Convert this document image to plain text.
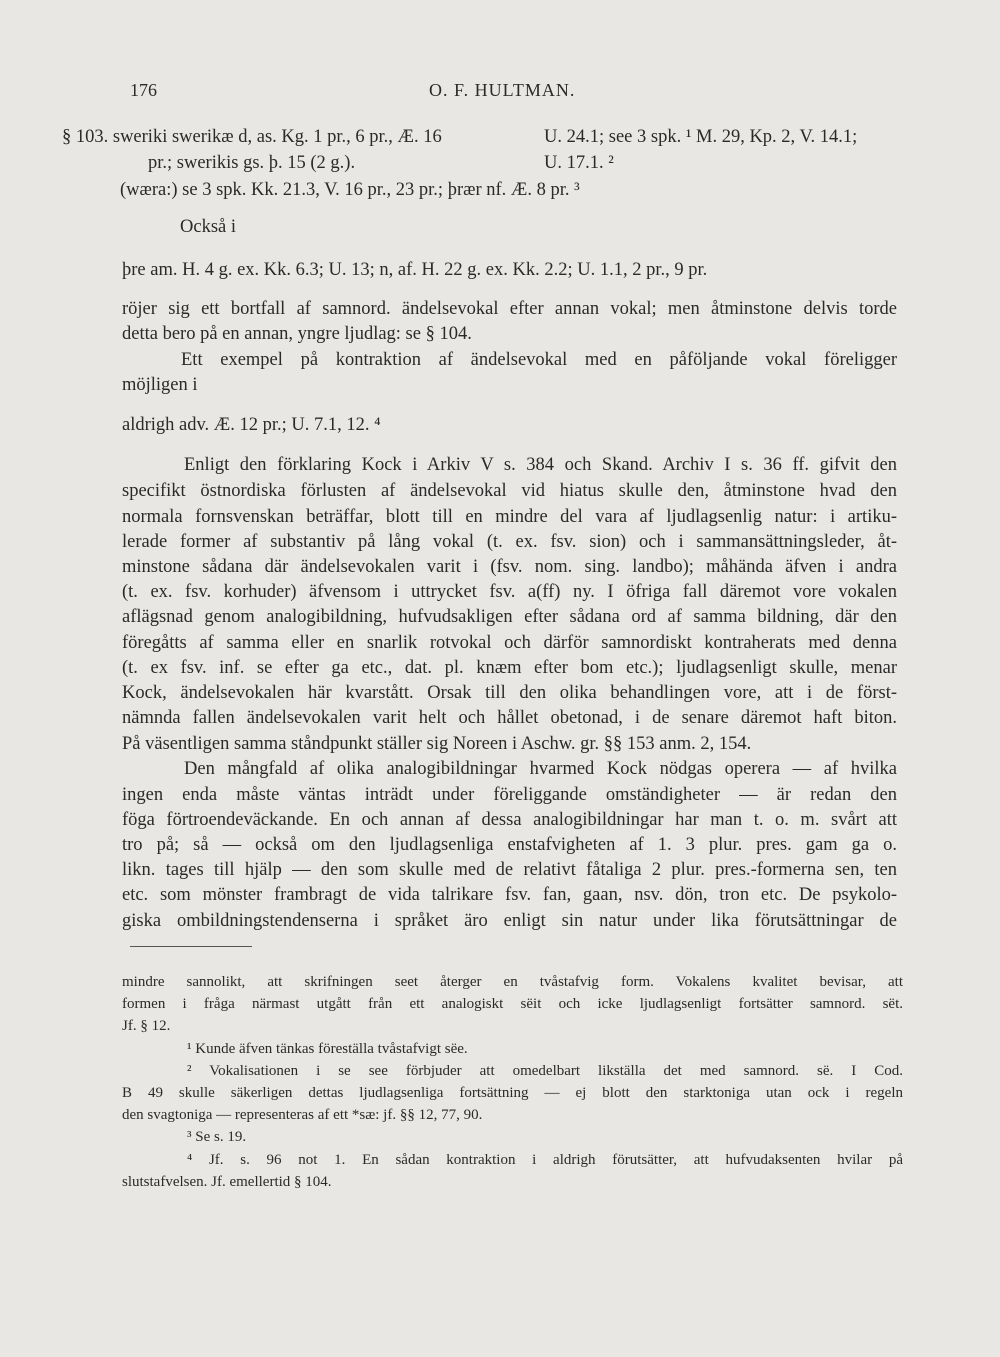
176	O. F. HULTMAN.
§ 103. sweriki swerikæ d, as. Kg. 1 pr., 6 pr., Æ. 16	U. 24.1; see 3 spk. ¹ M. 29, Kp. 2, V. 14.1;
pr.; swerikis gs. þ. 15 (2 g.).	U. 17.1. ²
(wæra:) se 3 spk. Kk. 21.3, V. 16 pr., 23 pr.; þrær nf. Æ. 8 pr. ³
Också i
þre am. H. 4 g. ex. Kk. 6.3; U. 13; n, af. H. 22 g. ex. Kk. 2.2; U. 1.1, 2 pr., 9 pr.
röjer sig ett bortfall af samnord. ändelsevokal efter annan vokal; men åtminstone delvis torde
detta bero på en annan, yngre ljudlag: se § 104.
Ett exempel på kontraktion af ändelsevokal med en påföljande vokal föreligger
möjligen i
aldrigh adv. Æ. 12 pr.; U. 7.1, 12. ⁴
Enligt den förklaring Kock i Arkiv V s. 384 och Skand. Archiv I s. 36 ff. gifvit den
specifikt östnordiska förlusten af ändelsevokal vid hiatus skulle den, åtminstone hvad den
normala fornsvenskan beträffar, blott till en mindre del vara af ljudlagsenlig natur: i artiku-
lerade former af substantiv på lång vokal (t. ex. fsv. sion) och i sammansättningsleder, åt-
minstone sådana där ändelsevokalen varit i (fsv. nom. sing. landbo); måhända äfven i andra
(t. ex. fsv. korhuder) äfvensom i uttrycket fsv. a(ff) ny. I öfriga fall däremot vore vokalen
aflägsnad genom analogibildning, hufvudsakligen efter sådana ord af samma bildning, där den
föregåtts af samma eller en snarlik rotvokal och därför samnordiskt kontraherats med denna
(t. ex fsv. inf. se efter ga etc., dat. pl. knæm efter bom etc.); ljudlagsenligt skulle, menar
Kock, ändelsevokalen här kvarstått. Orsak till den olika behandlingen vore, att i de först-
nämnda fallen ändelsevokalen varit helt och hållet obetonad, i de senare däremot haft biton.
På väsentligen samma ståndpunkt ställer sig Noreen i Aschw. gr. §§ 153 anm. 2, 154.
Den mångfald af olika analogibildningar hvarmed Kock nödgas operera — af hvilka
ingen enda måste väntas inträdt under föreliggande omständigheter — är redan den
föga förtroendeväckande. En och annan af dessa analogibildningar har man t. o. m. svårt att
tro på; så — också om den ljudlagsenliga enstafvigheten af 1. 3 plur. pres. gam ga o.
likn. tages till hjälp — den som skulle med de relativt fåtaliga 2 plur. pres.-formerna sen, ten
etc. som mönster frambragt de vida talrikare fsv. fan, gaan, nsv. dön, tron etc. De psykolo-
giska ombildningstendenserna i språket äro enligt sin natur under lika förutsättningar de
mindre sannolikt, att skrifningen seet återger en tvåstafvig form. Vokalens kvalitet bevisar, att
formen i fråga närmast utgått från ett analogiskt sëit och icke ljudlagsenligt fortsätter samnord. sët.
Jf. § 12.
¹ Kunde äfven tänkas föreställa tvåstafvigt sëe.
² Vokalisationen i se see förbjuder att omedelbart likställa det med samnord. së. I Cod.
B 49 skulle säkerligen dettas ljudlagsenliga fortsättning — ej blott den starktoniga utan ock i regeln
den svagtoniga — representeras af ett *sæ: jf. §§ 12, 77, 90.
³ Se s. 19.
⁴ Jf. s. 96 not 1. En sådan kontraktion i aldrigh förutsätter, att hufvudaksenten hvilar på
slutstafvelsen. Jf. emellertid § 104.
